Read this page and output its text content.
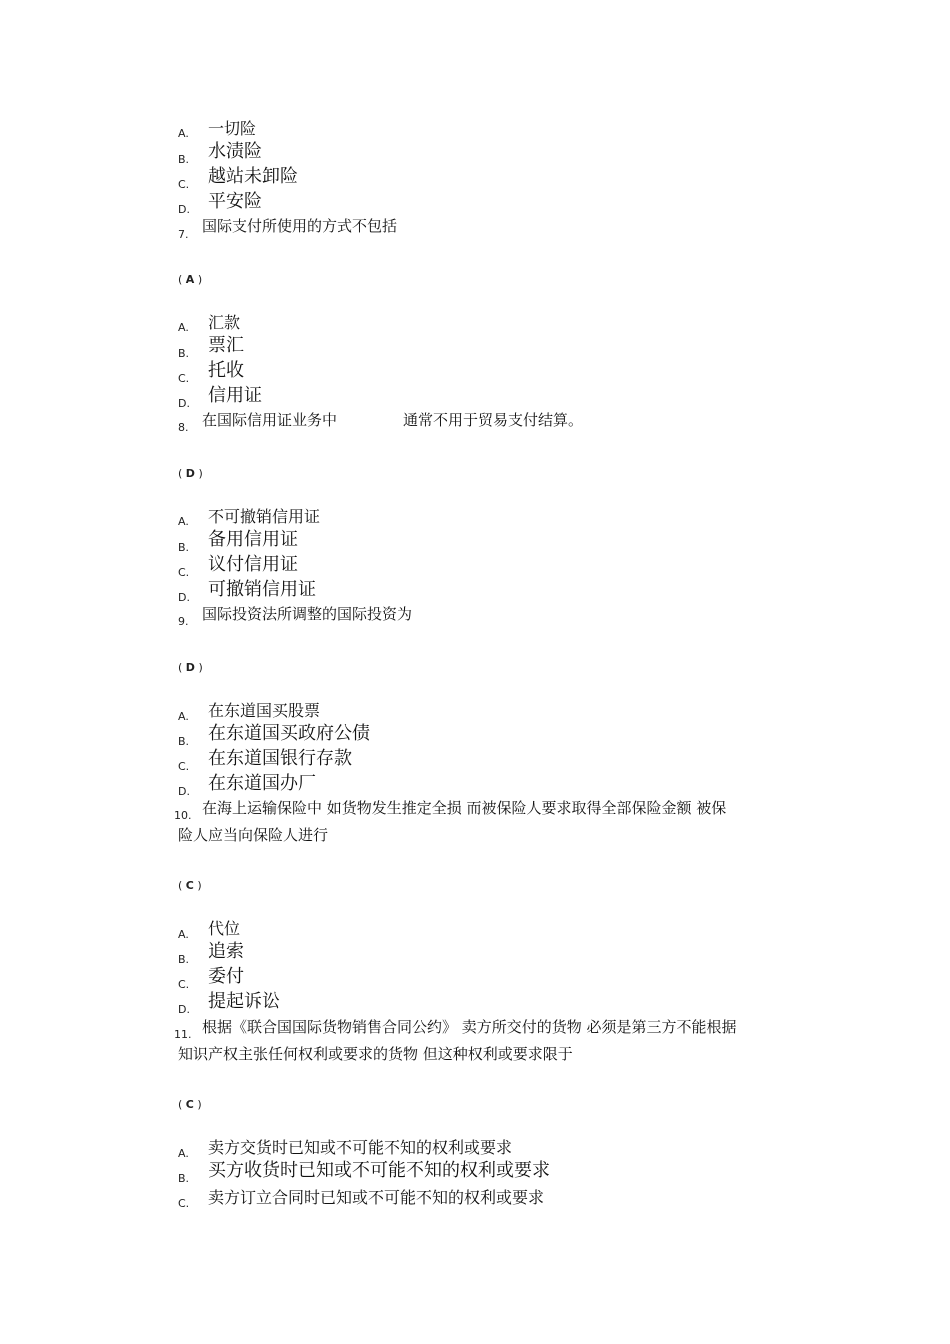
A. 一切险
B. 水渍险
C. 越站未卸险
D. 平安险
7. 国际支付所使用的方式不包括
( A )
A. 汇款
B. 票汇
C. 托收
D. 信用证
8. 在国际信用证业务中	通常不用于贸易支付结算。
( D )
A. 不可撤销信用证
B. 备用信用证
C. 议付信用证
D. 可撤销信用证
9. 国际投资法所调整的国际投资为
( D )
A. 在东道国买股票
B. 在东道国买政府公债
C. 在东道国银行存款
D. 在东道国办厂
10. 在海上运输保险中 如货物发生推定全损 而被保险人要求取得全部保险金额 被保
险人应当向保险人进行
( C )
A. 代位
B. 追索
C. 委付
D. 提起诉讼
11. 根据《联合国国际货物销售合同公约》 卖方所交付的货物 必须是第三方不能根据
知识产权主张任何权利或要求的货物 但这种权利或要求限于
( C )
A. 卖方交货时已知或不可能不知的权利或要求
B. 买方收货时已知或不可能不知的权利或要求
C. 卖方订立合同时已知或不可能不知的权利或要求
